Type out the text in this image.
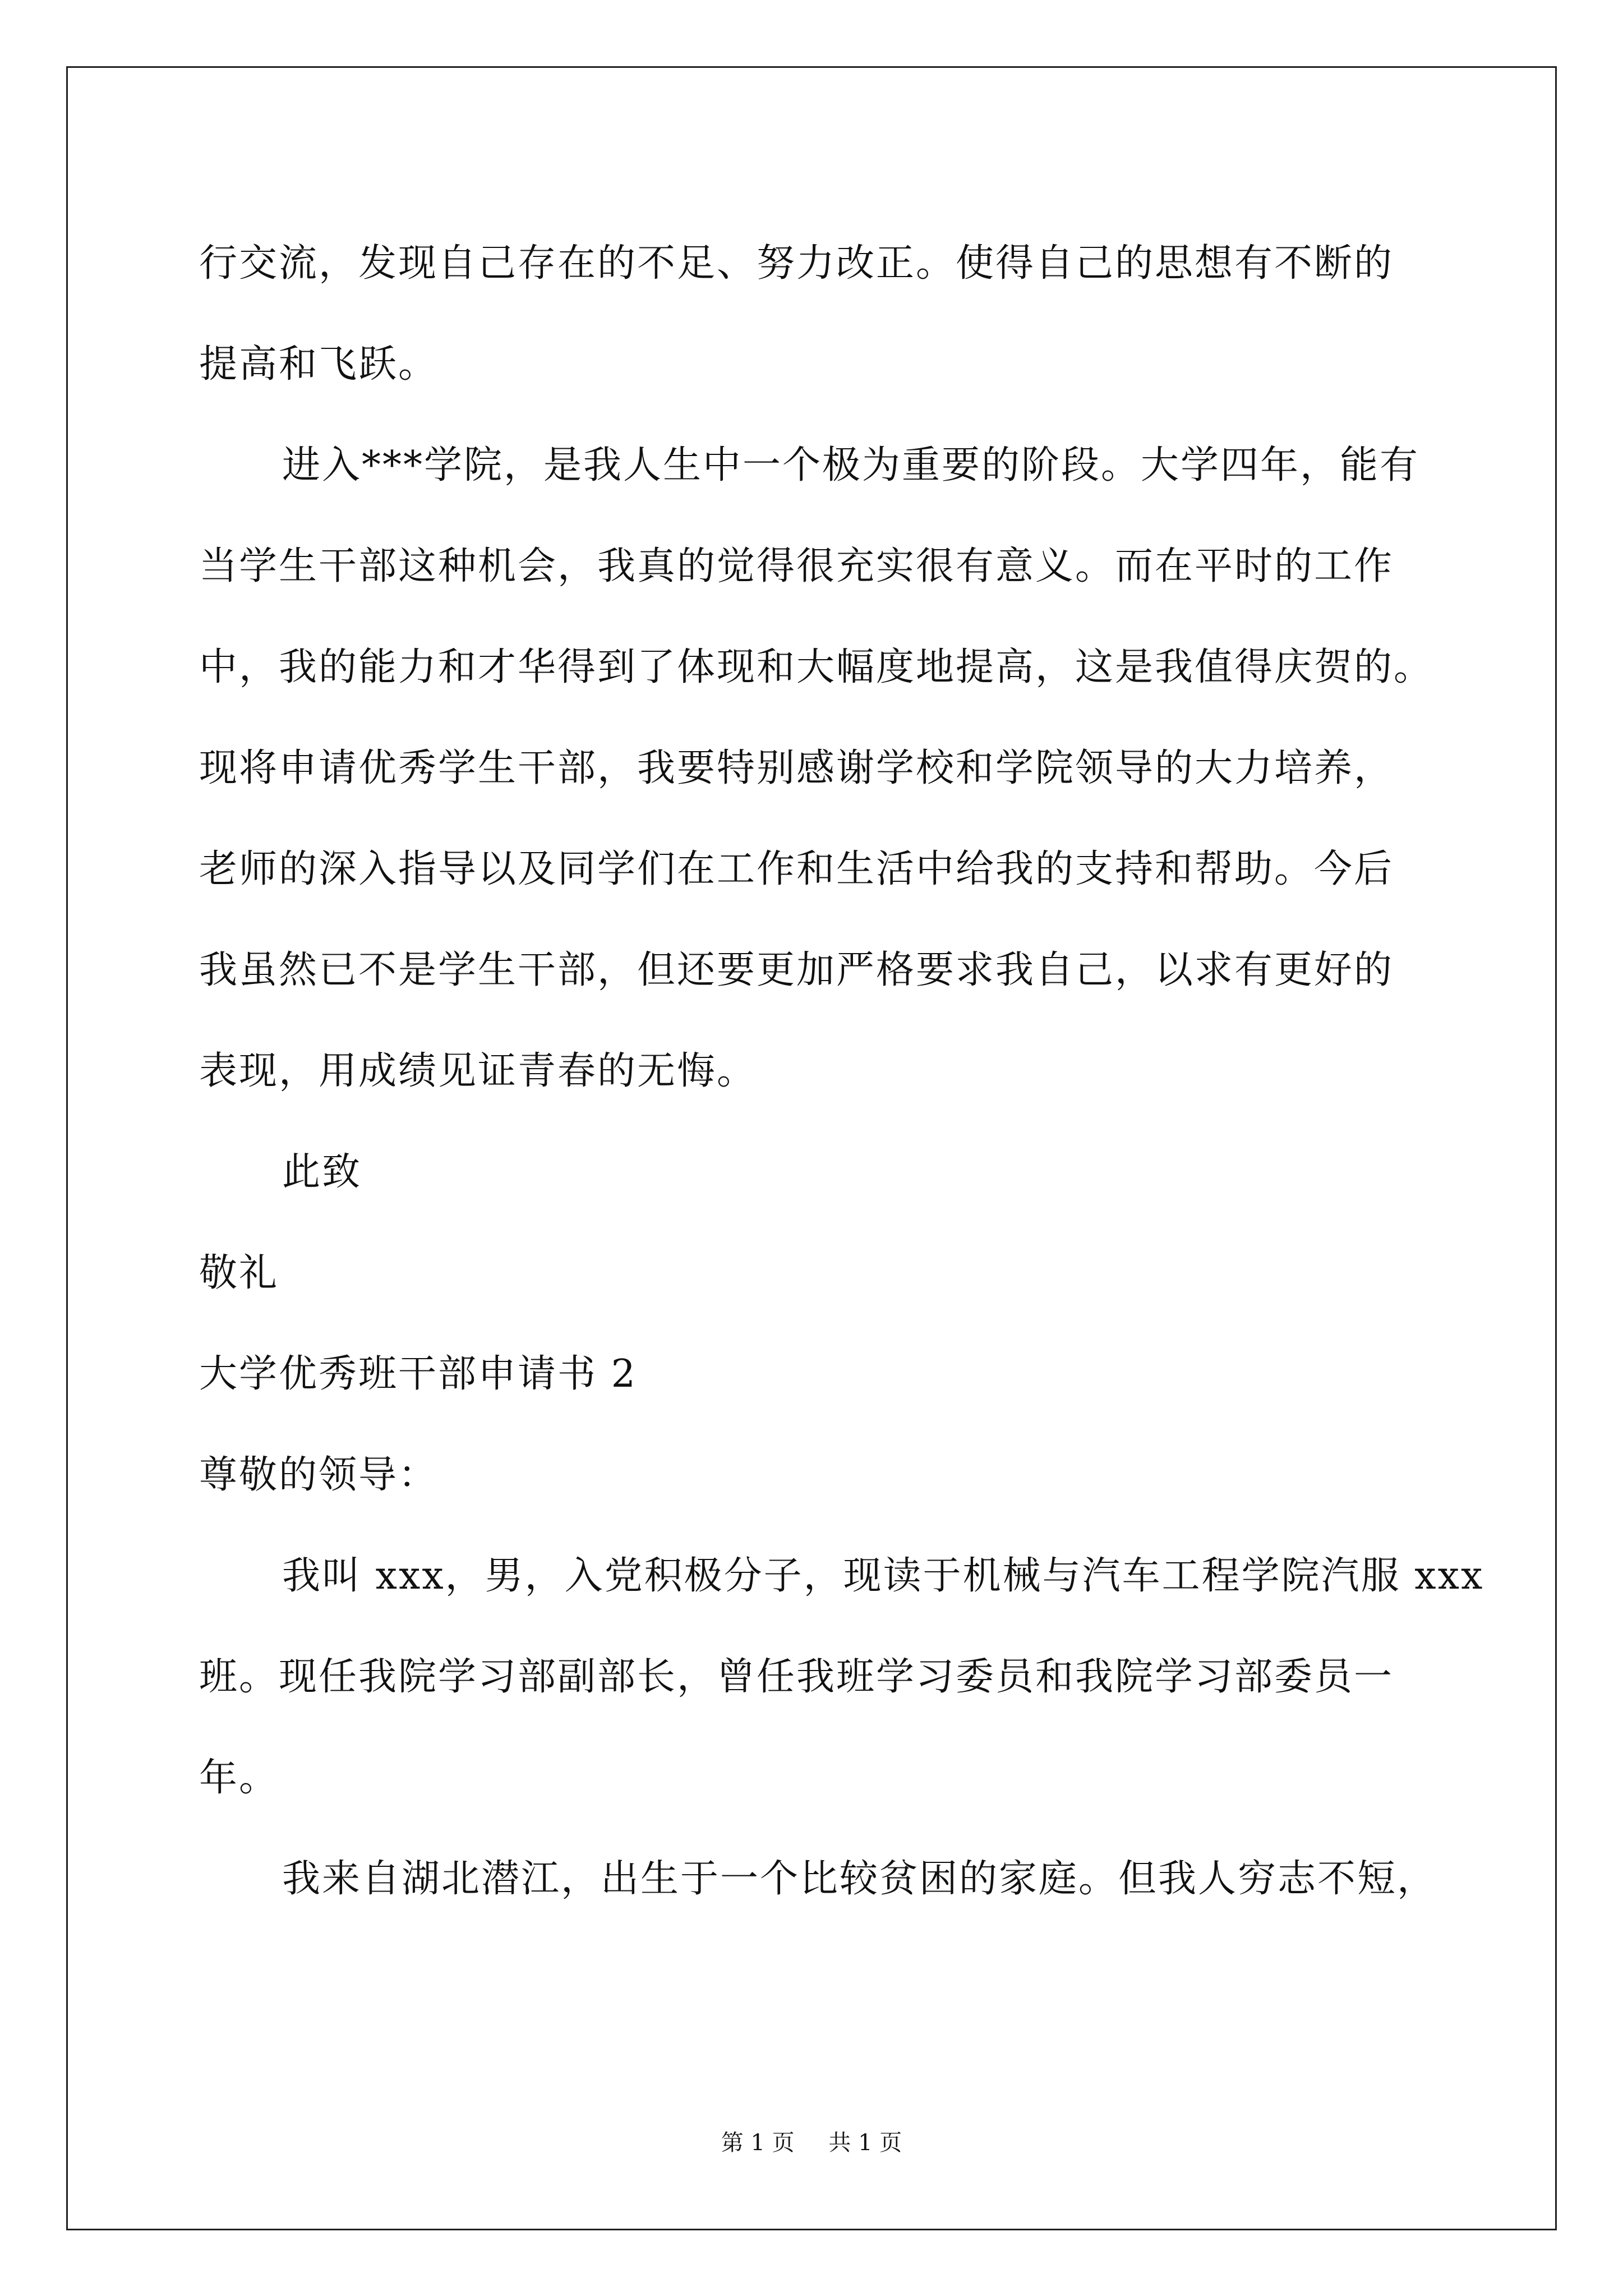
行交流，发现自己存在的不足、努力改正。使得自己的思想有不断的
提高和飞跃。
进入***学院，是我人生中一个极为重要的阶段。大学四年，能有
当学生干部这种机会，我真的觉得很充实很有意义。而在平时的工作
中，我的能力和才华得到了体现和大幅度地提高，这是我值得庆贺的。
现将申请优秀学生干部，我要特别感谢学校和学院领导的大力培养，
老师的深入指导以及同学们在工作和生活中给我的支持和帮助。今后
我虽然已不是学生干部，但还要更加严格要求我自己，以求有更好的
表现，用成绩见证青春的无悔。
此致
敬礼
大学优秀班干部申请书 2
尊敬的领导：
我叫 xxx，男，入党积极分子，现读于机械与汽车工程学院汽服 xxx
班。现任我院学习部副部长，曾任我班学习委员和我院学习部委员一
年。
我来自湖北潜江，出生于一个比较贫困的家庭。但我人穷志不短，
第 1 页 共 1 页
